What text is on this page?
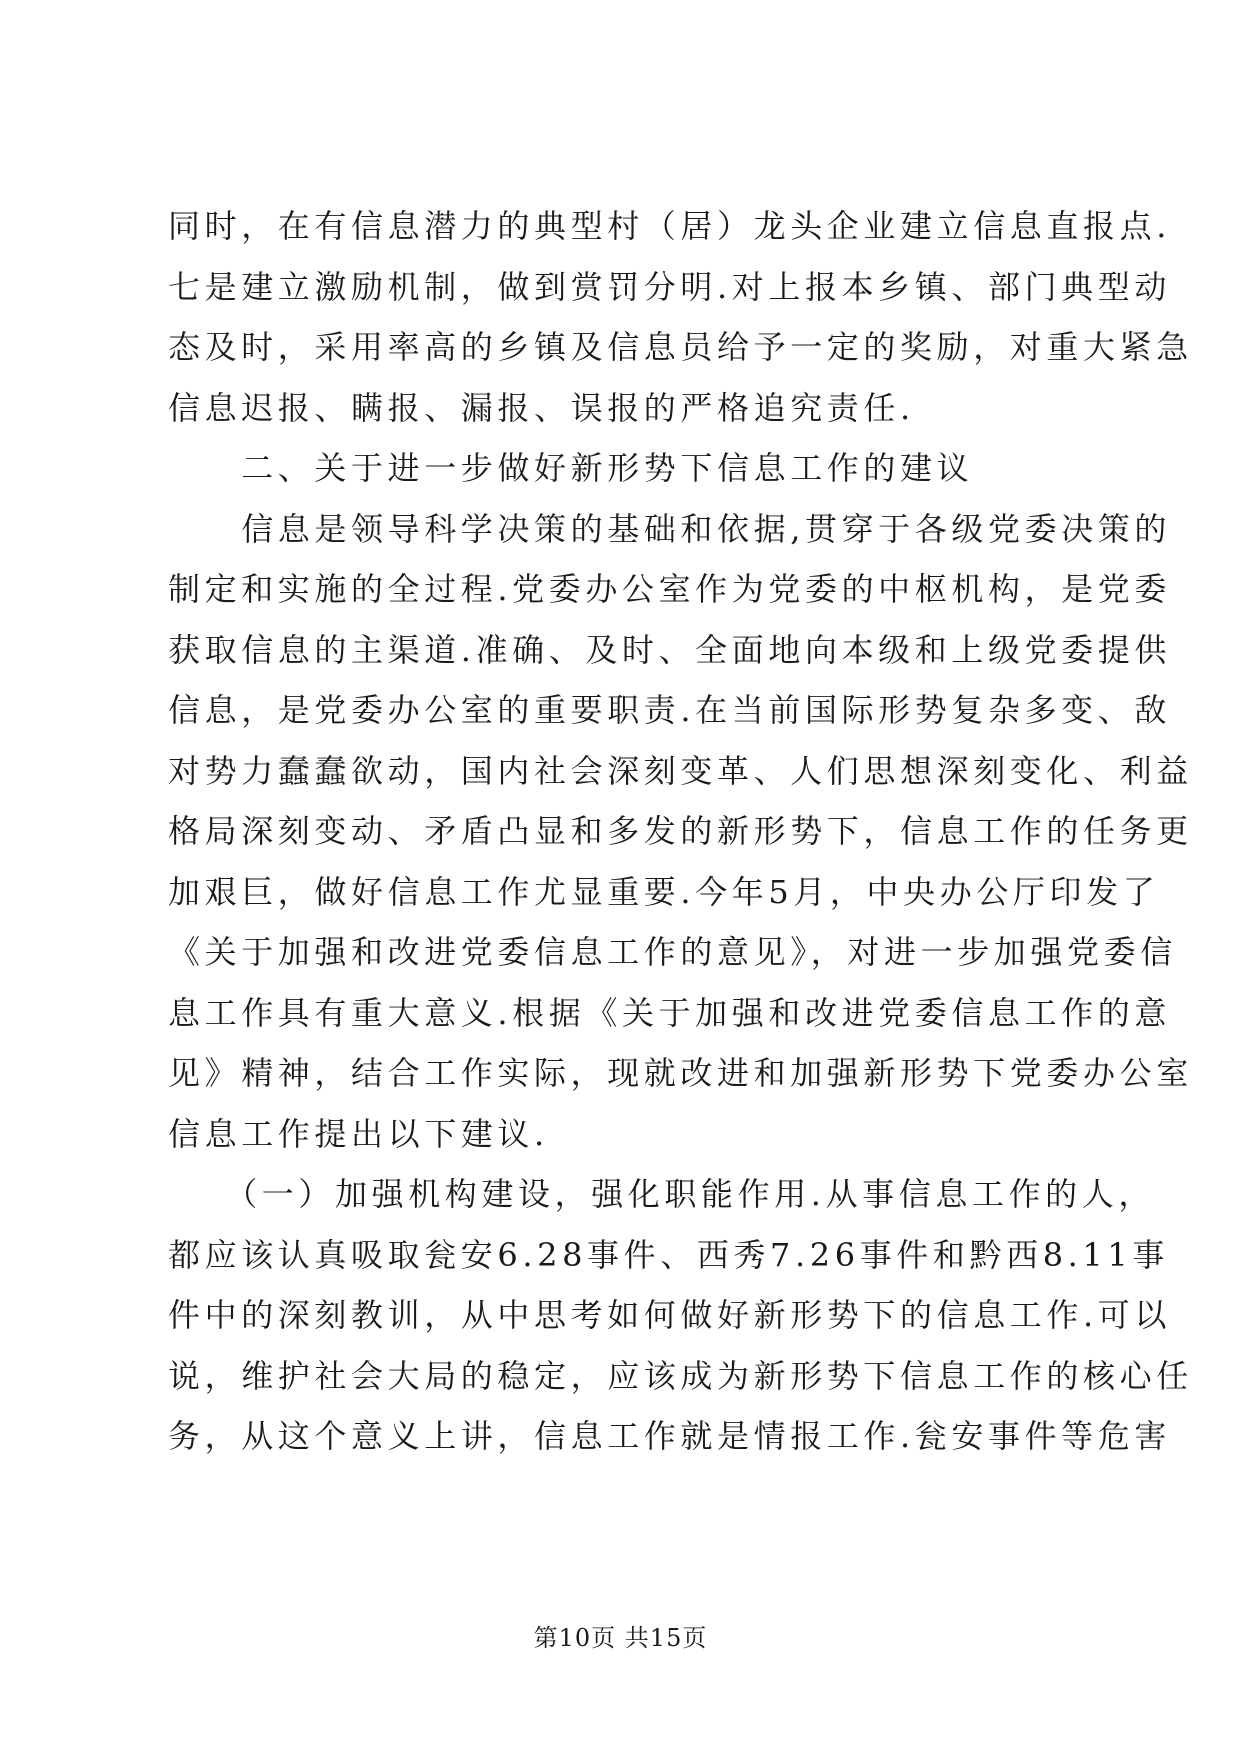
同时，在有信息潜力的典型村（居）龙头企业建立信息直报点.
七是建立激励机制，做到赏罚分明.对上报本乡镇、部门典型动
态及时，采用率高的乡镇及信息员给予一定的奖励，对重大紧急
信息迟报、瞒报、漏报、误报的严格追究责任.
　　二、关于进一步做好新形势下信息工作的建议
　　信息是领导科学决策的基础和依据,贯穿于各级党委决策的
制定和实施的全过程.党委办公室作为党委的中枢机构，是党委
获取信息的主渠道.准确、及时、全面地向本级和上级党委提供
信息，是党委办公室的重要职责.在当前国际形势复杂多变、敌
对势力蠢蠢欲动，国内社会深刻变革、人们思想深刻变化、利益
格局深刻变动、矛盾凸显和多发的新形势下，信息工作的任务更
加艰巨，做好信息工作尤显重要.今年5月，中央办公厅印发了
《关于加强和改进党委信息工作的意见》，对进一步加强党委信
息工作具有重大意义.根据《关于加强和改进党委信息工作的意
见》精神，结合工作实际，现就改进和加强新形势下党委办公室
信息工作提出以下建议.
　　（一）加强机构建设，强化职能作用.从事信息工作的人，
都应该认真吸取瓮安6.28事件、西秀7.26事件和黔西8.11事
件中的深刻教训，从中思考如何做好新形势下的信息工作.可以
说，维护社会大局的稳定，应该成为新形势下信息工作的核心任
务，从这个意义上讲，信息工作就是情报工作.瓮安事件等危害
第10页 共15页
